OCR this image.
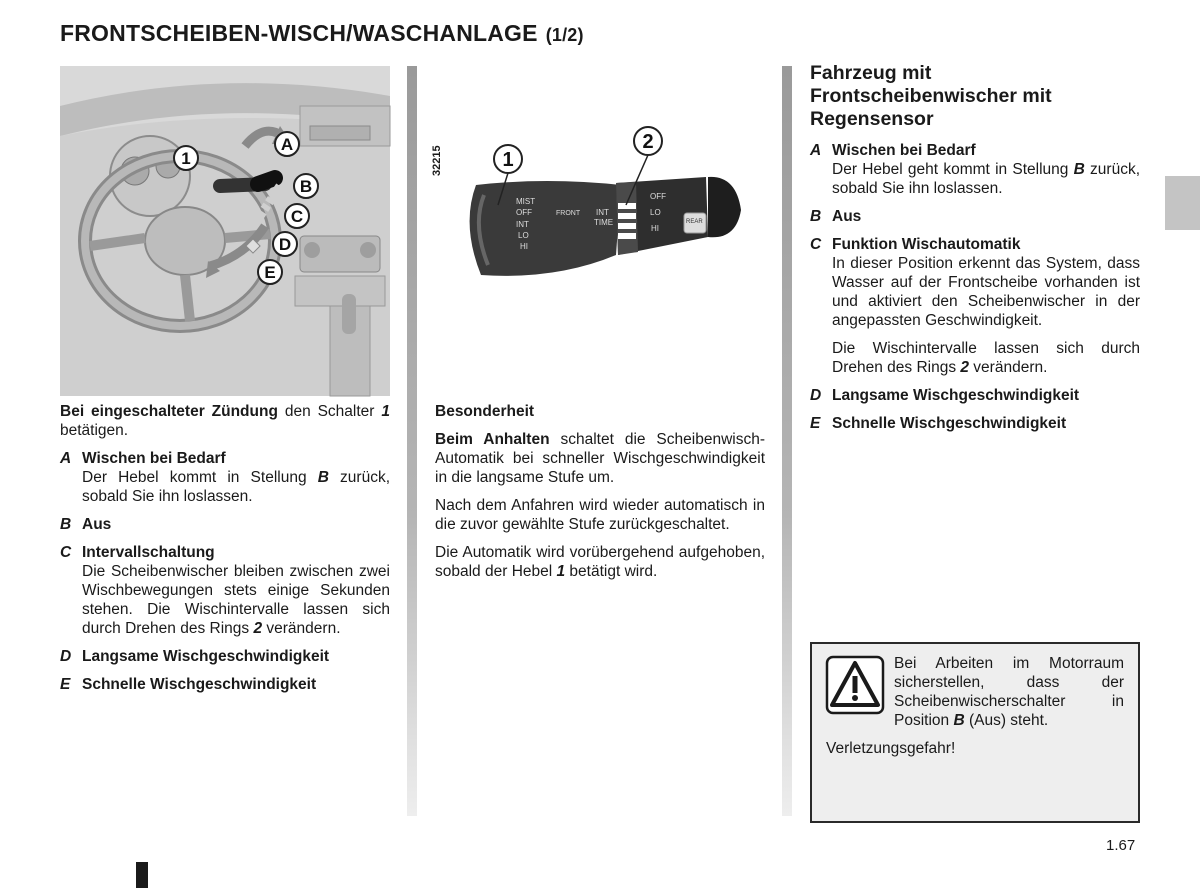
FRONTSCHEIBEN-WISCH/WASCHANLAGE (1/2)
1
A
B
C
D
E
32215	1
2
MIST
OFF
INT
LO
HI
FRONT INT
TIME
OFF
LO
HI
REAR

Bei eingeschalteter Zündung den Schalter 1 betätigen.

A Wischen bei Bedarf
Der Hebel kommt in Stellung B zurück, sobald Sie ihn loslassen.
B Aus
C Intervallschaltung
Die Scheibenwischer bleiben zwischen zwei Wischbewegungen stets einige Sekunden stehen. Die Wischintervalle lassen sich durch Drehen des Rings 2 verändern.
D Langsame Wischgeschwindigkeit
E Schnelle Wischgeschwindigkeit

Besonderheit

Beim Anhalten schaltet die Scheibenwisch-Automatik bei schneller Wischgeschwindigkeit in die langsame Stufe um.

Nach dem Anfahren wird wieder automatisch in die zuvor gewählte Stufe zurückgeschaltet.

Die Automatik wird vorübergehend aufgehoben, sobald der Hebel 1 betätigt wird.

Fahrzeug mit Frontscheibenwischer mit Regensensor
A Wischen bei Bedarf
Der Hebel geht kommt in Stellung B zurück, sobald Sie ihn loslassen.
B Aus
C Funktion Wischautomatik
In dieser Position erkennt das System, dass Wasser auf der Frontscheibe vorhanden ist und aktiviert den Scheibenwischer in der angepassten Geschwindigkeit.
Die Wischintervalle lassen sich durch Drehen des Rings 2 verändern.
D Langsame Wischgeschwindigkeit
E Schnelle Wischgeschwindigkeit
Bei Arbeiten im Motorraum sicherstellen, dass der Scheibenwischerschalter in Position B (Aus) steht.
Verletzungsgefahr!
1.67
